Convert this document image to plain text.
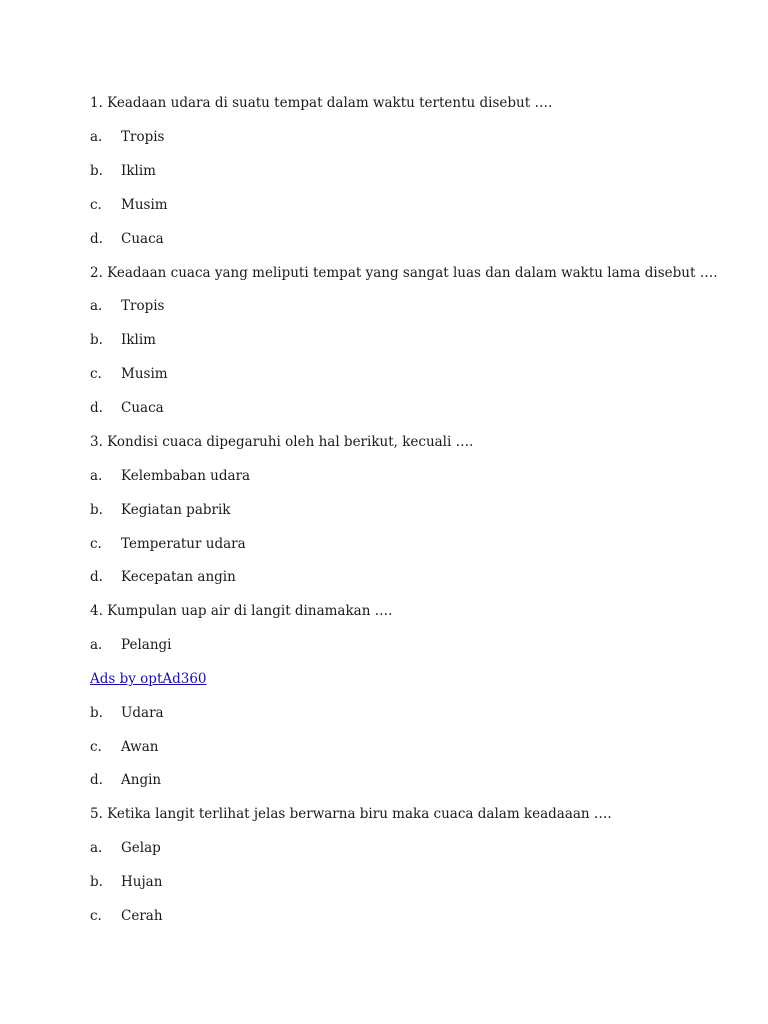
1. Keadaan udara di suatu tempat dalam waktu tertentu disebut ….
a. Tropis
b. Iklim
c. Musim
d. Cuaca
2. Keadaan cuaca yang meliputi tempat yang sangat luas dan dalam waktu lama disebut ….
a. Tropis
b. Iklim
c. Musim
d. Cuaca
3. Kondisi cuaca dipegaruhi oleh hal berikut, kecuali ….
a. Kelembaban udara
b. Kegiatan pabrik
c. Temperatur udara
d. Kecepatan angin
4. Kumpulan uap air di langit dinamakan ….
a. Pelangi
Ads by optAd360
b. Udara
c. Awan
d. Angin
5. Ketika langit terlihat jelas berwarna biru maka cuaca dalam keadaaan ….
a. Gelap
b. Hujan
c. Cerah
